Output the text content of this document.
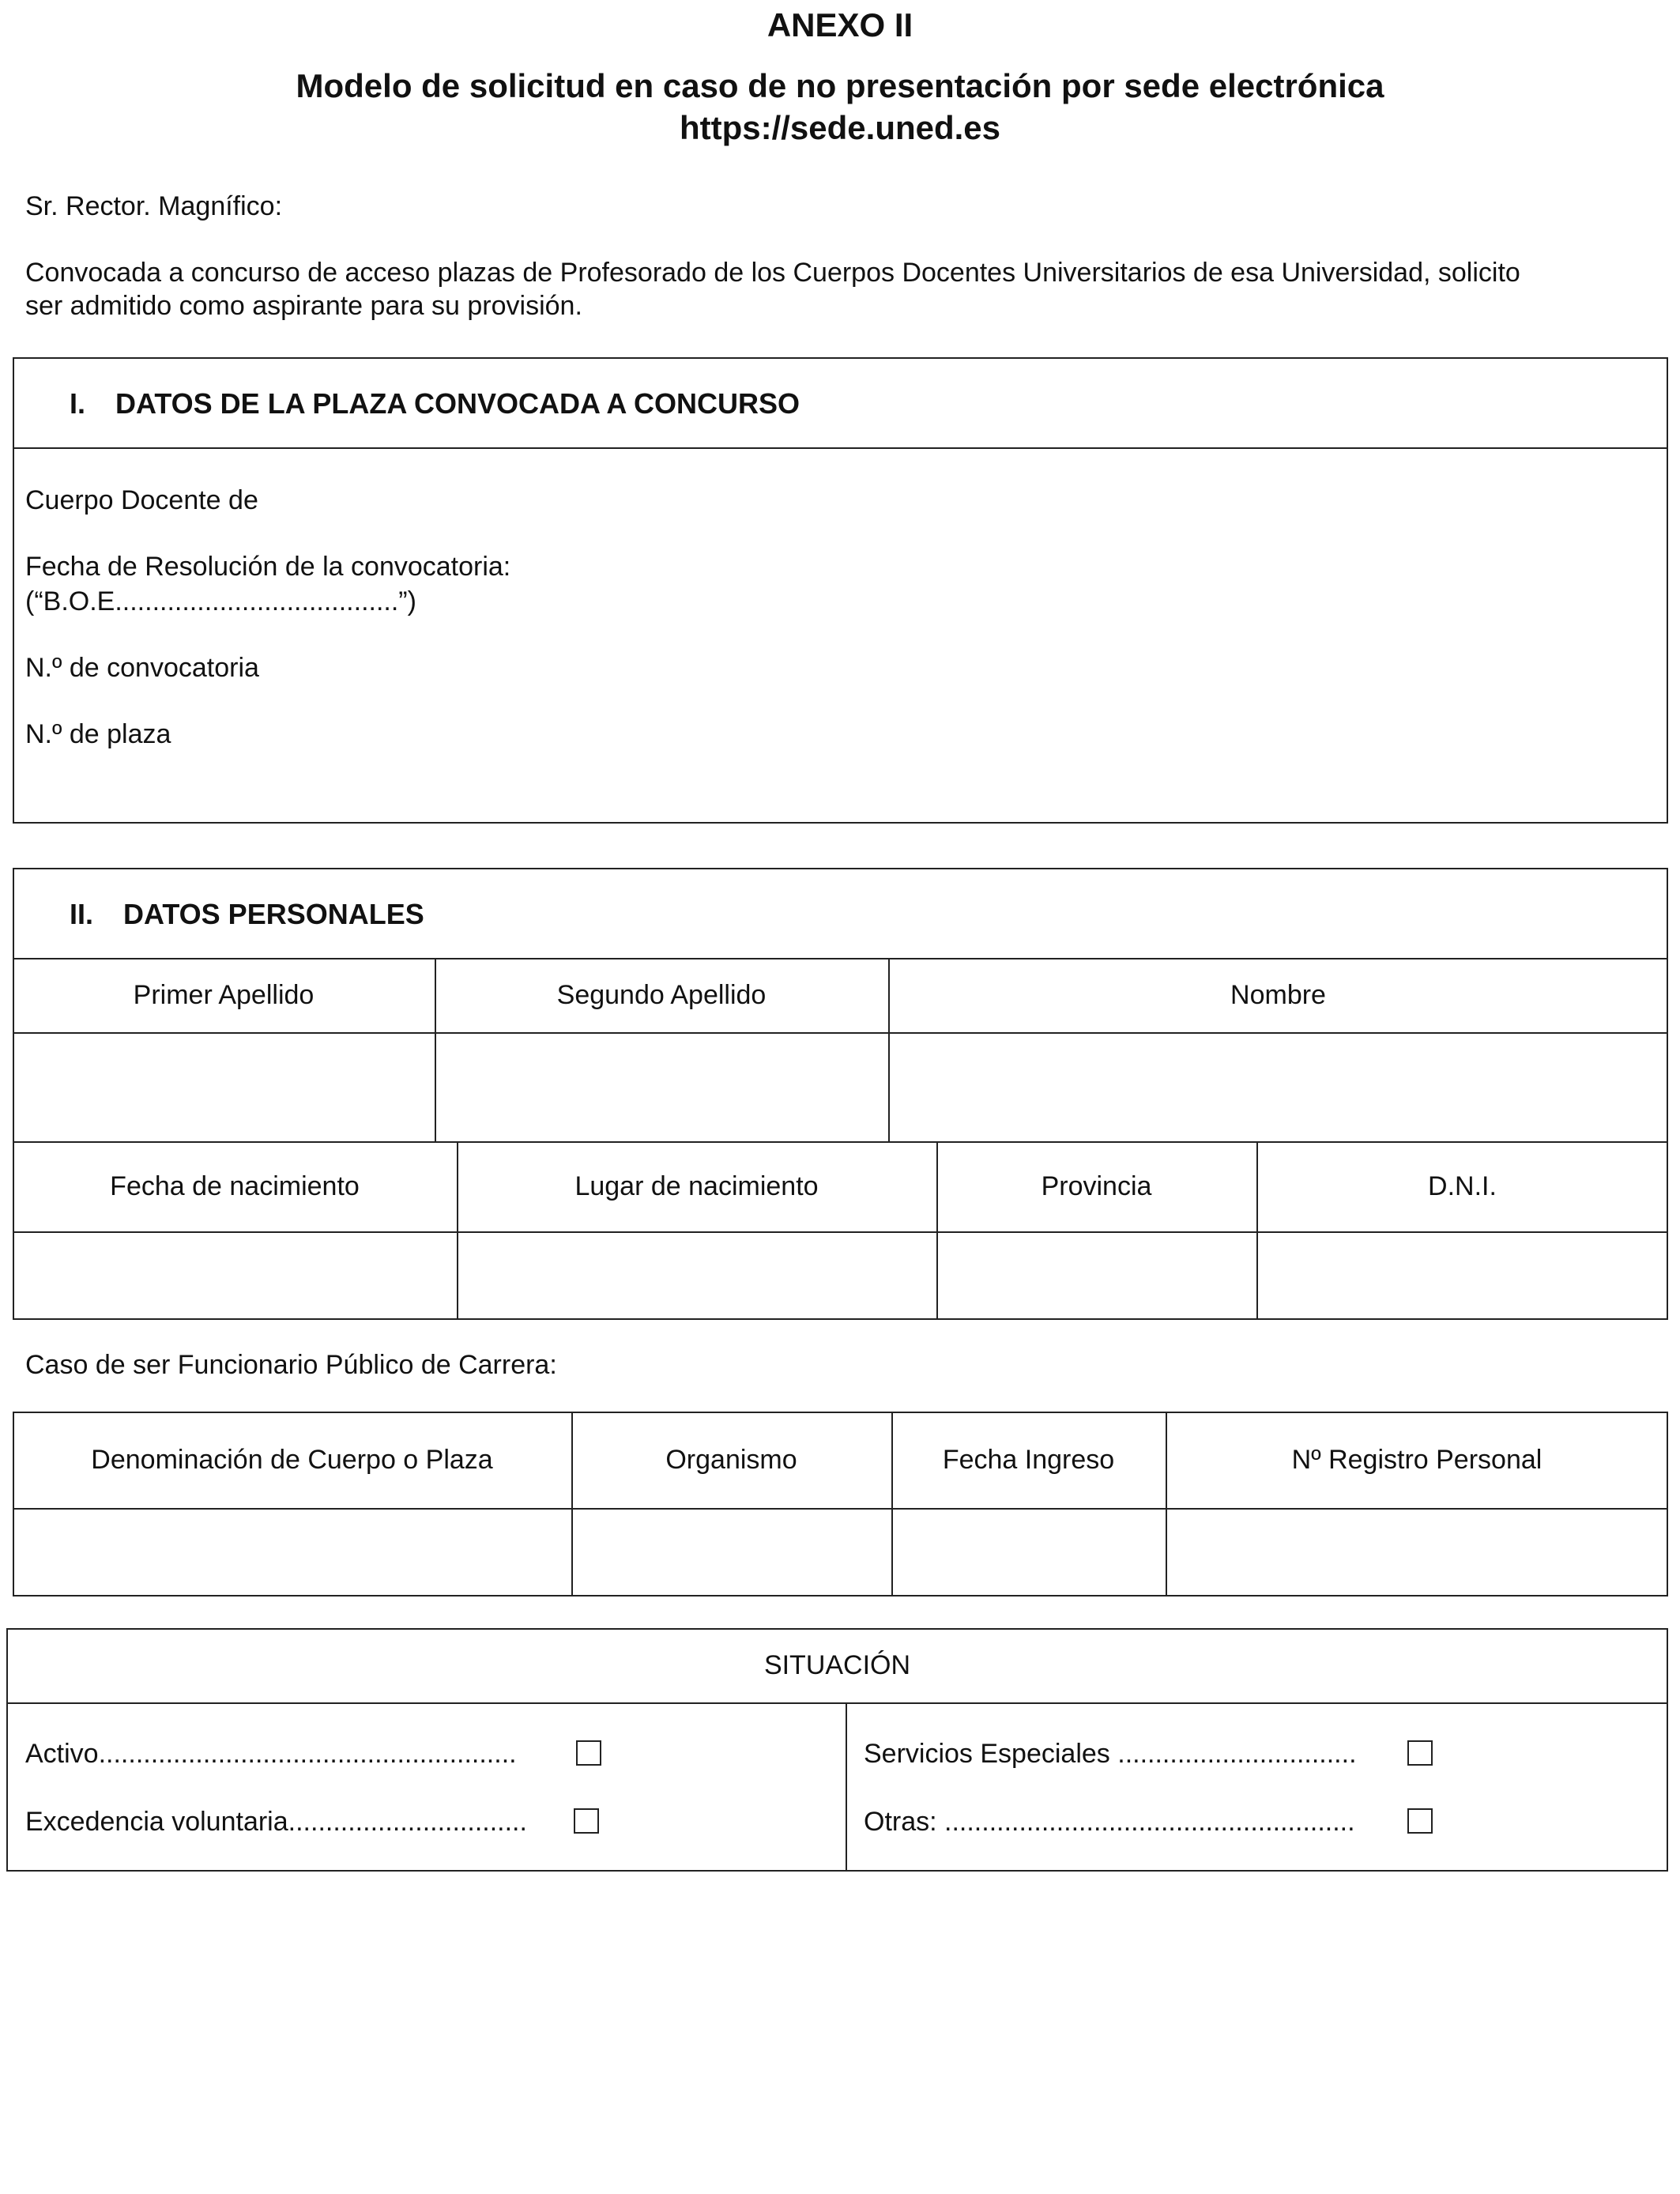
ANEXO II
Modelo de solicitud en caso de no presentación por sede electrónica
https://sede.uned.es
Sr. Rector. Magnífico:
Convocada a concurso de acceso plazas de Profesorado de los Cuerpos Docentes Universitarios de esa Universidad, solicito
ser admitido como aspirante para su provisión.
I. DATOS DE LA PLAZA CONVOCADA A CONCURSO
Cuerpo Docente de
Fecha de Resolución de la convocatoria:
(“B.O.E......................................”)
N.º de convocatoria
N.º de plaza
II. DATOS PERSONALES
Primer Apellido	Segundo Apellido	Nombre
Fecha de nacimiento	Lugar de nacimiento	Provincia	D.N.I.
Caso de ser Funcionario Público de Carrera:
Denominación de Cuerpo o Plaza	Organismo	Fecha Ingreso	Nº Registro Personal
SITUACIÓN
Activo........................................................
Excedencia voluntaria................................
Servicios Especiales ................................
Otras: .......................................................
